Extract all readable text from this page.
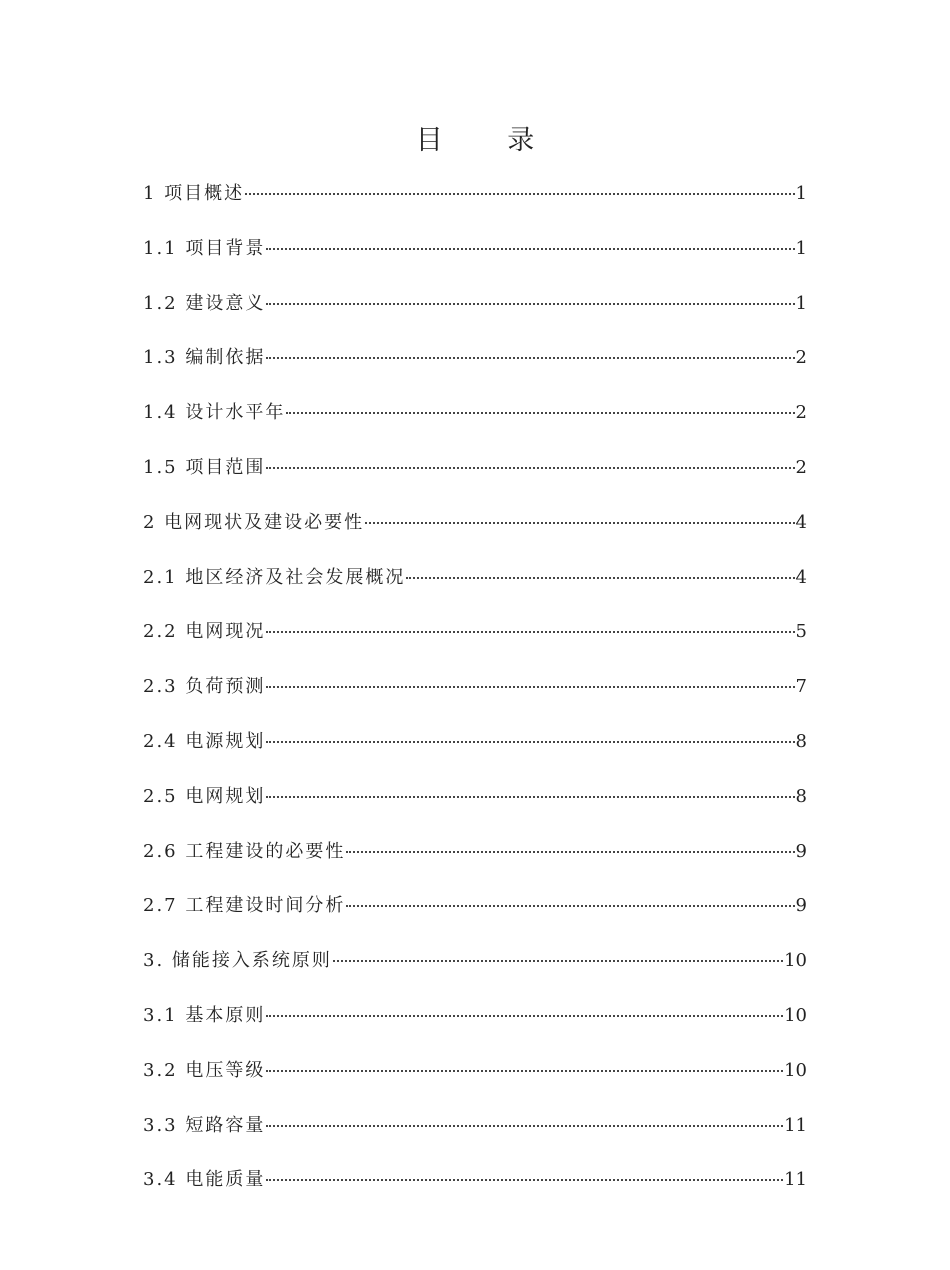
目 录
1 项目概述	1
1.1 项目背景	1
1.2 建设意义	1
1.3 编制依据	2
1.4 设计水平年	2
1.5 项目范围	2
2 电网现状及建设必要性	4
2.1 地区经济及社会发展概况	4
2.2 电网现况	5
2.3 负荷预测	7
2.4 电源规划	8
2.5 电网规划	8
2.6 工程建设的必要性	9
2.7 工程建设时间分析	9
3. 储能接入系统原则	10
3.1 基本原则	10
3.2 电压等级	10
3.3 短路容量	11
3.4 电能质量	11
